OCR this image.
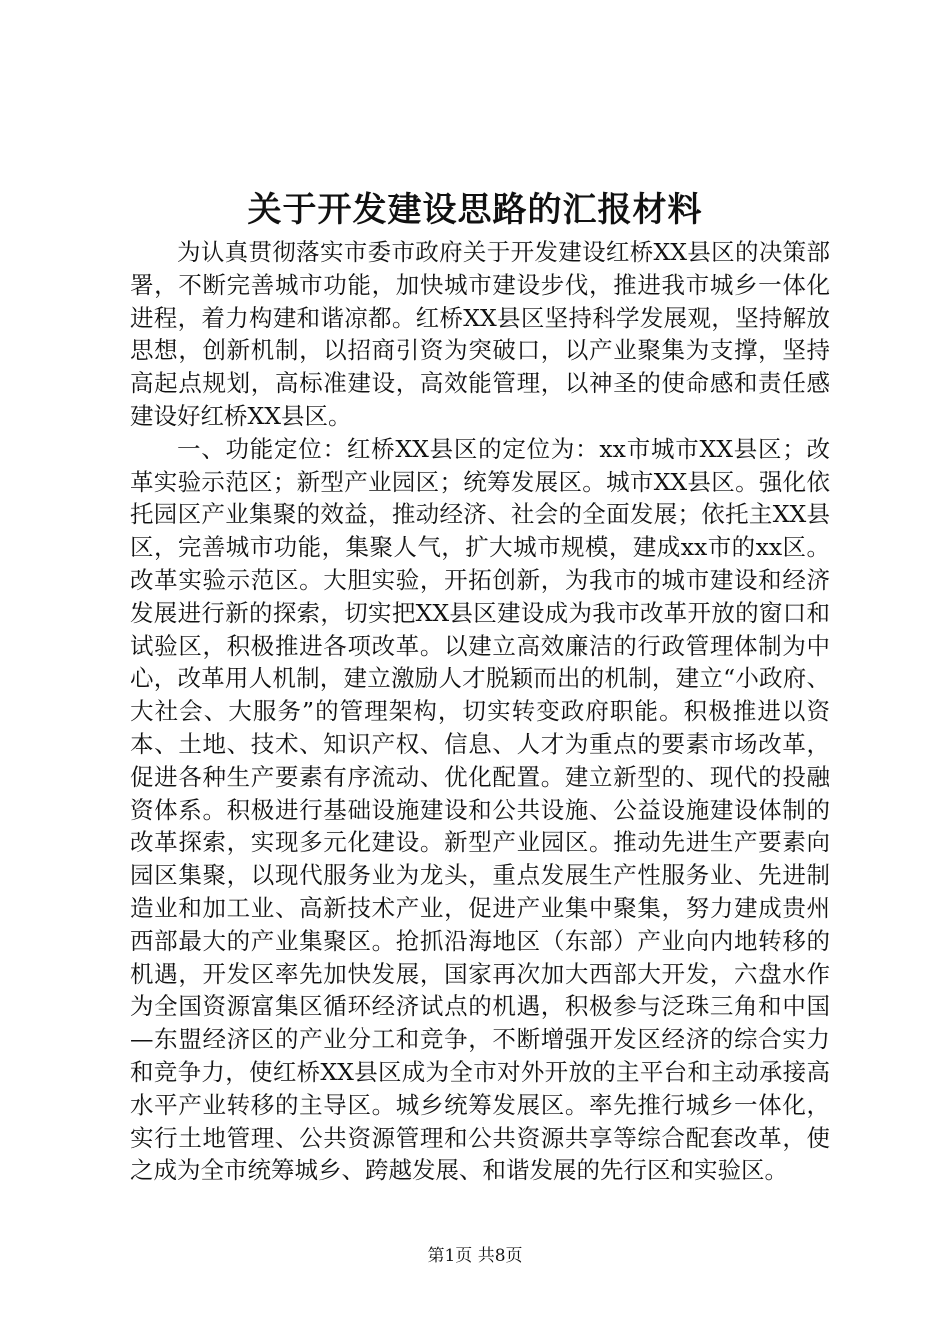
关于开发建设思路的汇报材料

为认真贯彻落实市委市政府关于开发建设红桥XX县区的决策部署，不断完善城市功能，加快城市建设步伐，推进我市城乡一体化进程，着力构建和谐凉都。红桥XX县区坚持科学发展观，坚持解放思想，创新机制，以招商引资为突破口，以产业聚集为支撑，坚持高起点规划，高标准建设，高效能管理，以神圣的使命感和责任感建设好红桥XX县区。

一、功能定位：红桥XX县区的定位为：xx市城市XX县区；改革实验示范区；新型产业园区；统筹发展区。城市XX县区。强化依托园区产业集聚的效益，推动经济、社会的全面发展；依托主XX县区，完善城市功能，集聚人气，扩大城市规模，建成xx市的xx区。改革实验示范区。大胆实验，开拓创新，为我市的城市建设和经济发展进行新的探索，切实把XX县区建设成为我市改革开放的窗口和试验区，积极推进各项改革。以建立高效廉洁的行政管理体制为中心，改革用人机制，建立激励人才脱颖而出的机制，建立“小政府、大社会、大服务”的管理架构，切实转变政府职能。积极推进以资本、土地、技术、知识产权、信息、人才为重点的要素市场改革，促进各种生产要素有序流动、优化配置。建立新型的、现代的投融资体系。积极进行基础设施建设和公共设施、公益设施建设体制的改革探索，实现多元化建设。新型产业园区。推动先进生产要素向园区集聚，以现代服务业为龙头，重点发展生产性服务业、先进制造业和加工业、高新技术产业，促进产业集中聚集，努力建成贵州西部最大的产业集聚区。抢抓沿海地区（东部）产业向内地转移的机遇，开发区率先加快发展，国家再次加大西部大开发，六盘水作为全国资源富集区循环经济试点的机遇，积极参与泛珠三角和中国—东盟经济区的产业分工和竞争，不断增强开发区经济的综合实力和竞争力，使红桥XX县区成为全市对外开放的主平台和主动承接高水平产业转移的主导区。城乡统筹发展区。率先推行城乡一体化，实行土地管理、公共资源管理和公共资源共享等综合配套改革，使之成为全市统筹城乡、跨越发展、和谐发展的先行区和实验区。

第1页 共8页
